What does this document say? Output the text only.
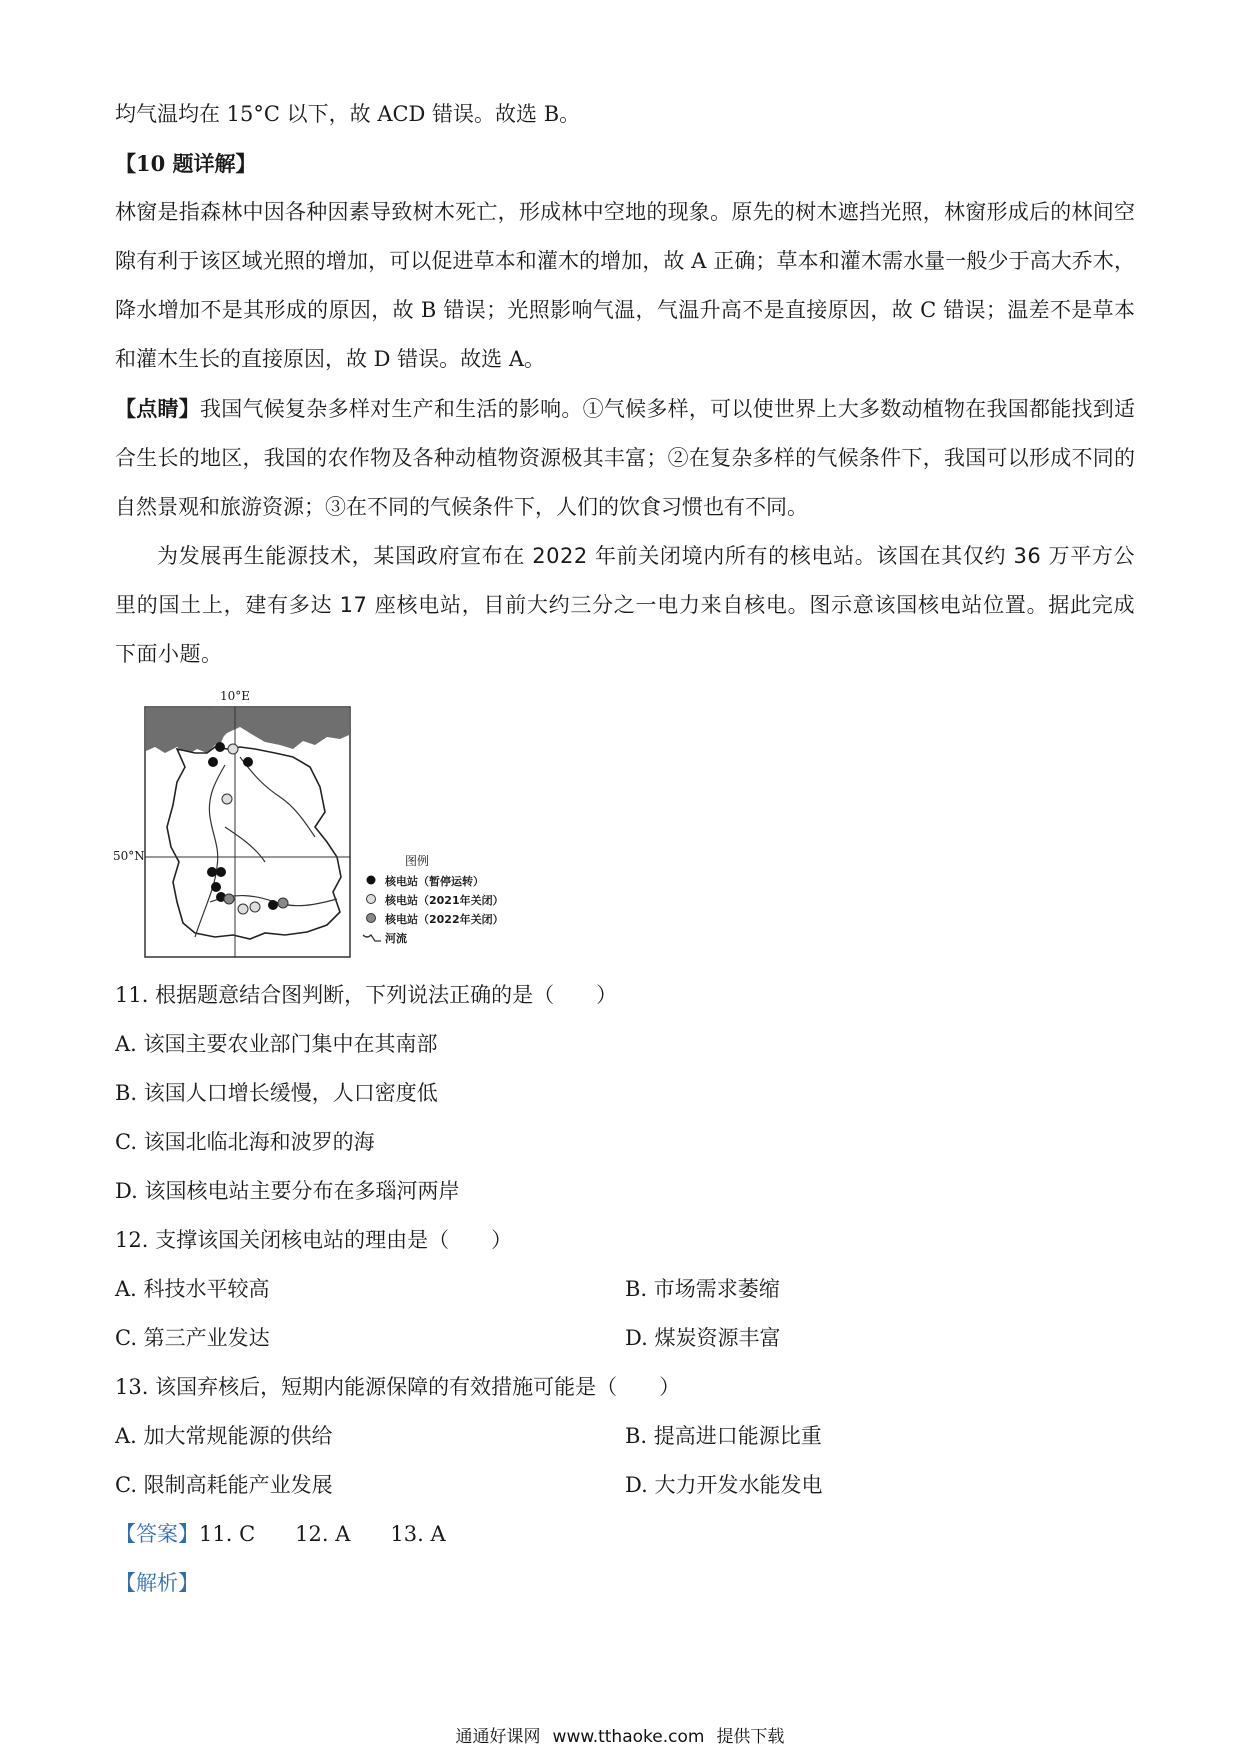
均气温均在 15°C 以下，故 ACD 错误。故选 B。

【10 题详解】

林窗是指森林中因各种因素导致树木死亡，形成林中空地的现象。原先的树木遮挡光照，林窗形成后的林间空隙有利于该区域光照的增加，可以促进草本和灌木的增加，故 A 正确；草本和灌木需水量一般少于高大乔木，降水增加不是其形成的原因，故 B 错误；光照影响气温，气温升高不是直接原因，故 C 错误；温差不是草本和灌木生长的直接原因，故 D 错误。故选 A。

【点睛】我国气候复杂多样对生产和生活的影响。①气候多样，可以使世界上大多数动植物在我国都能找到适合生长的地区，我国的农作物及各种动植物资源极其丰富；②在复杂多样的气候条件下，我国可以形成不同的自然景观和旅游资源；③在不同的气候条件下，人们的饮食习惯也有不同。

为发展再生能源技术，某国政府宣布在 2022 年前关闭境内所有的核电站。该国在其仅约 36 万平方公里的国土上，建有多达 17 座核电站，目前大约三分之一电力来自核电。图示意该国核电站位置。据此完成下面小题。

10°E
50°N	图例
核电站（暂停运转）
核电站（2021年关闭）
核电站（2022年关闭）
河流

11. 根据题意结合图判断，下列说法正确的是（　　）

A. 该国主要农业部门集中在其南部

B. 该国人口增长缓慢，人口密度低

C. 该国北临北海和波罗的海

D. 该国核电站主要分布在多瑙河两岸

12. 支撑该国关闭核电站的理由是（　　）

A. 科技水平较高	B. 市场需求萎缩
C. 第三产业发达	D. 煤炭资源丰富

13. 该国弃核后，短期内能源保障的有效措施可能是（　　）

A. 加大常规能源的供给	B. 提高进口能源比重
C. 限制高耗能产业发展	D. 大力开发水能发电

【答案】11. C 12. A 13. A

【解析】

通通好课网 www.tthaoke.com 提供下载
